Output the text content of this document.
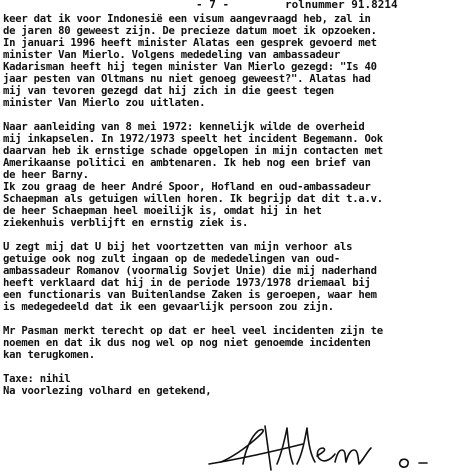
- 7 -

	rolnummer 91.8214

keer dat ik voor Indonesië een visum aangevraagd heb, zal in
de jaren 80 geweest zijn. De precieze datum moet ik opzoeken.
In januari 1996 heeft minister Alatas een gesprek gevoerd met
minister Van Mierlo. Volgens mededeling van ambassadeur
Kadarisman heeft hij tegen minister Van Mierlo gezegd: "Is 40
jaar pesten van Oltmans nu niet genoeg geweest?". Alatas had
mij van tevoren gezegd dat hij zich in die geest tegen
minister Van Mierlo zou uitlaten.
Naar aanleiding van 8 mei 1972: kennelijk wilde de overheid
mij inkapselen. In 1972/1973 speelt het incident Begemann. Ook
daarvan heb ik ernstige schade opgelopen in mijn contacten met
Amerikaanse politici en ambtenaren. Ik heb nog een brief van
de heer Barny.
Ik zou graag de heer André Spoor, Hofland en oud-ambassadeur
Schaepman als getuigen willen horen. Ik begrijp dat dit t.a.v.
de heer Schaepman heel moeilijk is, omdat hij in het
ziekenhuis verblijft en ernstig ziek is.
U zegt mij dat U bij het voortzetten van mijn verhoor als
getuige ook nog zult ingaan op de mededelingen van oud-
ambassadeur Romanov (voormalig Sovjet Unie) die mij naderhand
heeft verklaard dat hij in de periode 1973/1978 driemaal bij
een functionaris van Buitenlandse Zaken is geroepen, waar hem
is medegedeeld dat ik een gevaarlijk persoon zou zijn.
Mr Pasman merkt terecht op dat er heel veel incidenten zijn te
noemen en dat ik dus nog wel op nog niet genoemde incidenten
kan terugkomen.
Taxe: nihil
Na voorlezing volhard en getekend,
